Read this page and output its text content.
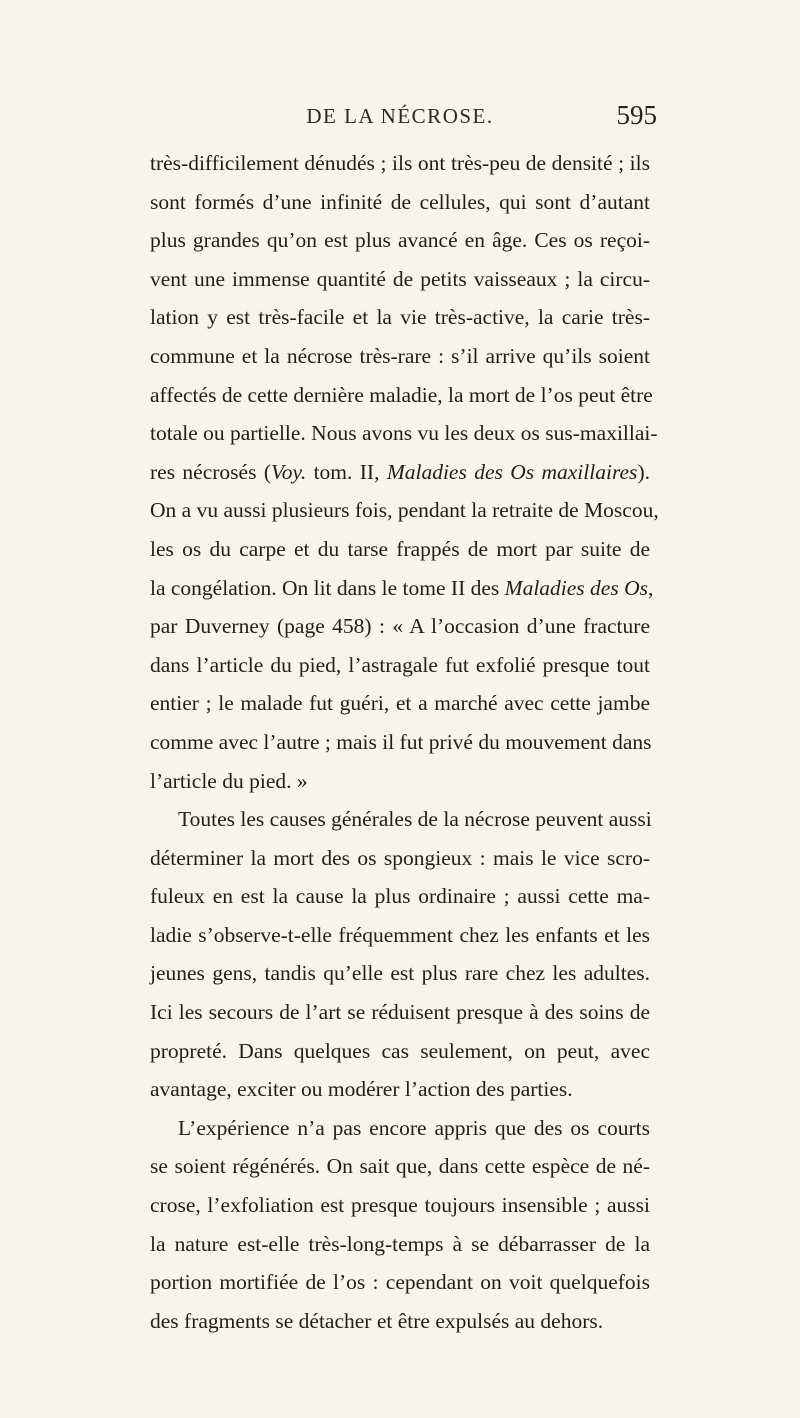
DE LA NÉCROSE.	595
très-difficilement dénudés ; ils ont très-peu de densité ; ils
sont formés d’une infinité de cellules, qui sont d’autant
plus grandes qu’on est plus avancé en âge. Ces os reçoi-
vent une immense quantité de petits vaisseaux ; la circu-
lation y est très-facile et la vie très-active, la carie très-
commune et la nécrose très-rare : s’il arrive qu’ils soient
affectés de cette dernière maladie, la mort de l’os peut être
totale ou partielle. Nous avons vu les deux os sus-maxillai-
res nécrosés (Voy. tom. II, Maladies des Os maxillaires).
On a vu aussi plusieurs fois, pendant la retraite de Moscou,
les os du carpe et du tarse frappés de mort par suite de
la congélation. On lit dans le tome II des Maladies des Os,
par Duverney (page 458) : « A l’occasion d’une fracture
dans l’article du pied, l’astragale fut exfolié presque tout
entier ; le malade fut guéri, et a marché avec cette jambe
comme avec l’autre ; mais il fut privé du mouvement dans
l’article du pied. »
Toutes les causes générales de la nécrose peuvent aussi
déterminer la mort des os spongieux : mais le vice scro-
fuleux en est la cause la plus ordinaire ; aussi cette ma-
ladie s’observe-t-elle fréquemment chez les enfants et les
jeunes gens, tandis qu’elle est plus rare chez les adultes.
Ici les secours de l’art se réduisent presque à des soins de
propreté. Dans quelques cas seulement, on peut, avec
avantage, exciter ou modérer l’action des parties.
L’expérience n’a pas encore appris que des os courts
se soient régénérés. On sait que, dans cette espèce de né-
crose, l’exfoliation est presque toujours insensible ; aussi
la nature est-elle très-long-temps à se débarrasser de la
portion mortifiée de l’os : cependant on voit quelquefois
des fragments se détacher et être expulsés au dehors.
